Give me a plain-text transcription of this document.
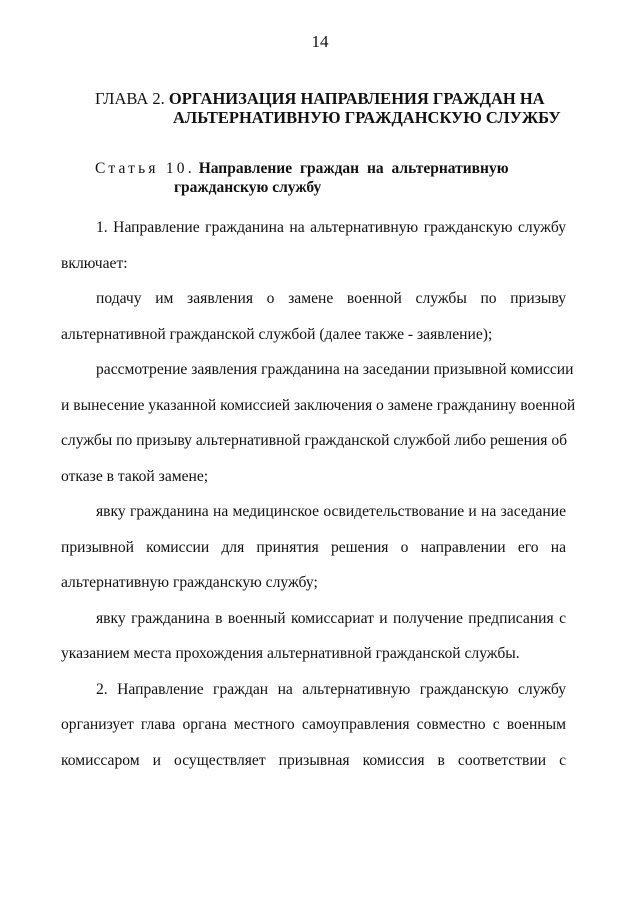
14
ГЛАВА 2. ОРГАНИЗАЦИЯ НАПРАВЛЕНИЯ ГРАЖДАН НА
АЛЬТЕРНАТИВНУЮ ГРАЖДАНСКУЮ СЛУЖБУ
Статья 10. Направление граждан на альтернативную
гражданскую службу
1. Направление гражданина на альтернативную гражданскую службу
включает:
подачу им заявления о замене военной службы по призыву
альтернативной гражданской службой (далее также - заявление);
рассмотрение заявления гражданина на заседании призывной комиссии
и вынесение указанной комиссией заключения о замене гражданину военной
службы по призыву альтернативной гражданской службой либо решения об
отказе в такой замене;
явку гражданина на медицинское освидетельствование и на заседание
призывной комиссии для принятия решения о направлении его на
альтернативную гражданскую службу;
явку гражданина в военный комиссариат и получение предписания с
указанием места прохождения альтернативной гражданской службы.
2. Направление граждан на альтернативную гражданскую службу
организует глава органа местного самоуправления совместно с военным
комиссаром и осуществляет призывная комиссия в соответствии с
